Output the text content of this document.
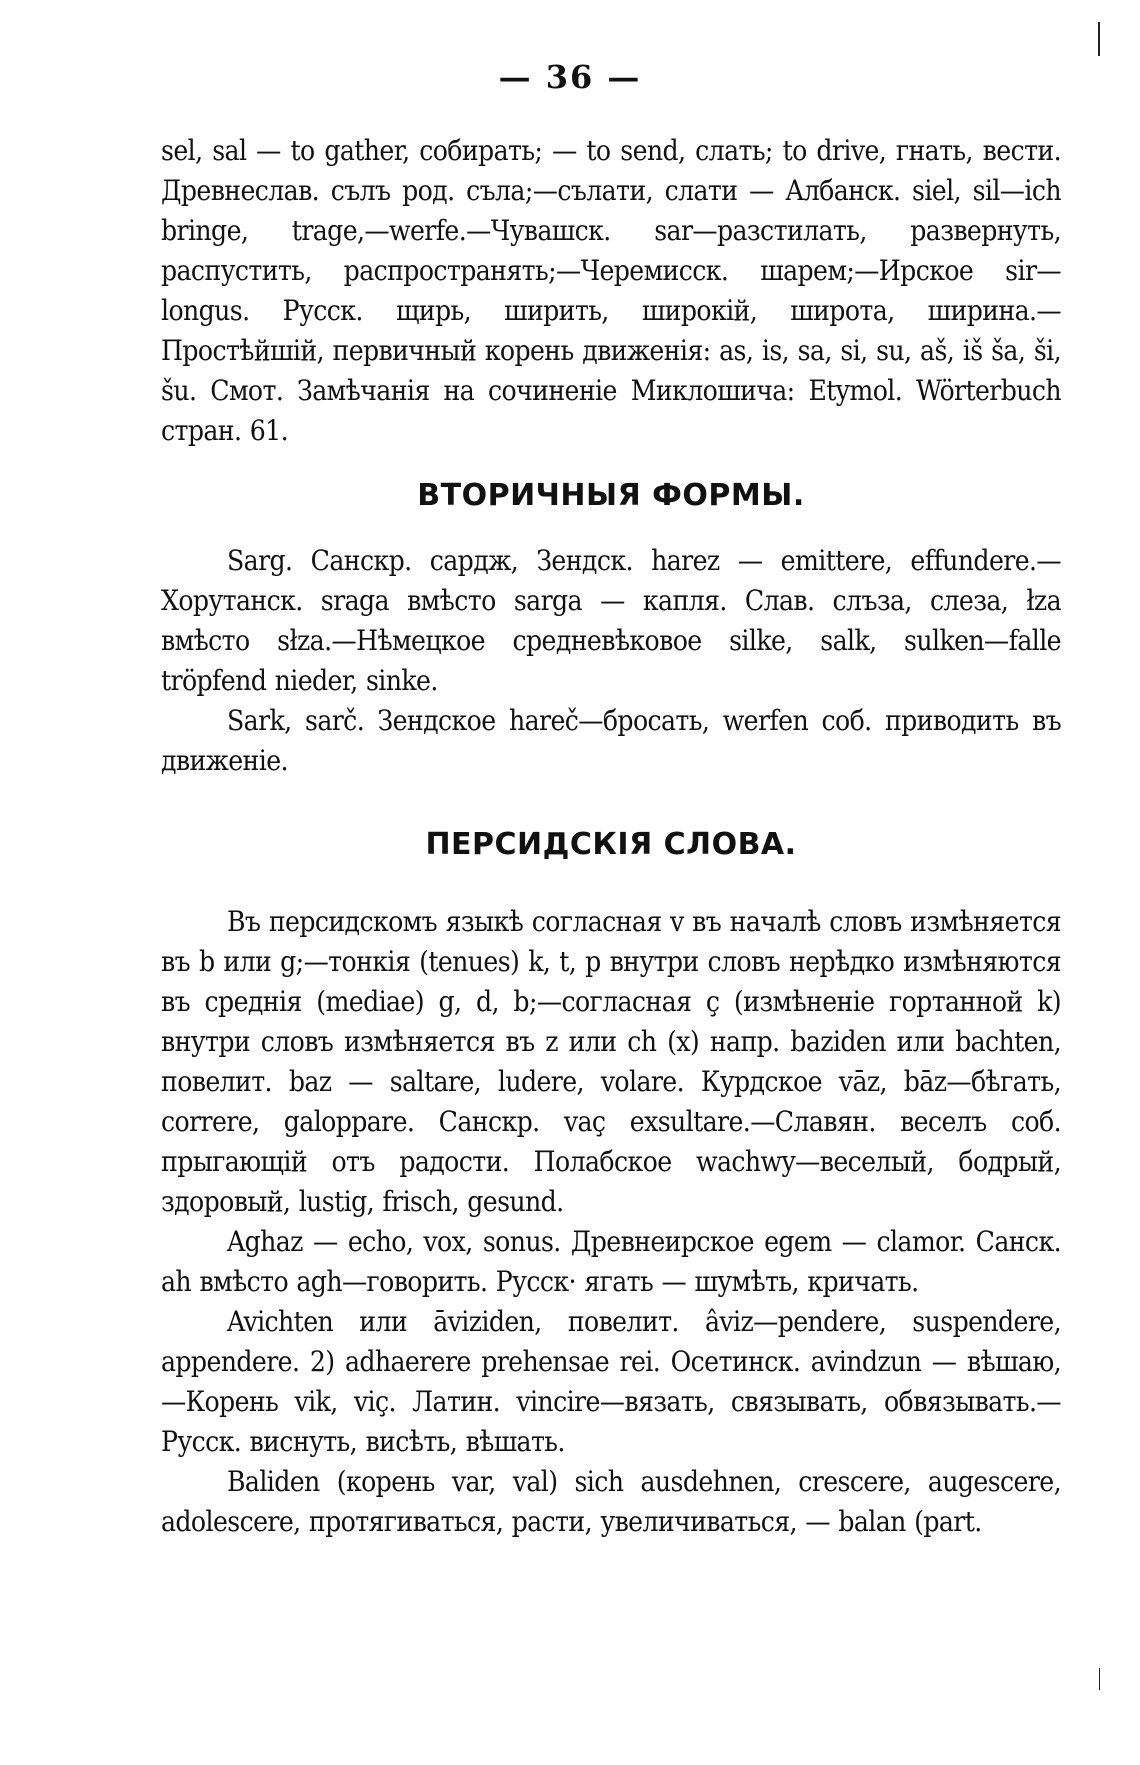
— 36 —

sel, sal — to gather, собирать; — to send, слать; to drive, гнать, вести. Древнеслав. сълъ род. съла;—сълати, слати — Албанск. siel, sil—ich bringe, trage,—werfe.—Чувашск. sar—разстилать, развернуть, распустить, распространять;—Черемисск. шарем;—Ирское sir—longus. Русск. щирь, ширить, широкій, широта, ширина.—Простѣйшій, первичный корень движенія: as, is, sa, si, su, aš, iš ša, ši, šu. Смот. Замѣчанія на сочиненіе Миклошича: Etymol. Wörterbuch стран. 61.

ВТОРИЧНЫЯ ФОРМЫ.

Sarg. Санскр. сардж, Зендск. harez — emittere, effundere.— Хорутанск. sraga вмѣсто sarga — капля. Слав. слъза, слеза, łza вмѣсто słza.—Нѣмецкое средневѣковое silke, salk, sulken—falle tröpfend nieder, sinke.

Sark, sarč. Зендское hareč—бросать, werfen соб. приводить въ движеніе.

ПЕРСИДСКІЯ СЛОВА.

Въ персидскомъ языкѣ согласная v въ началѣ словъ измѣняется въ b или g;—тонкія (tenues) k, t, p внутри словъ нерѣдко измѣняются въ среднія (mediae) g, d, b;—согласная ç (измѣненіе гортанной k) внутри словъ измѣняется въ z или ch (x) напр. baziden или bachten, повелит. baz — saltare, ludere, volare. Курдское vāz, bāz—бѣгать, correre, galoppare. Санскр. vaç exsultare.—Славян. веселъ соб. прыгающій отъ радости. Полабское wachwy—веселый, бодрый, здоровый, lustig, frisch, gesund.

Aghaz — echo, vox, sonus. Древнеирское egem — clamor. Санск. ah вмѣсто agh—говорить. Русск· ягать — шумѣть, кричать.

Avichten или āviziden, повелит. âviz—pendere, suspendere, appendere. 2) adhaerere prehensae rei. Осетинск. avindzun — вѣшаю,—Корень vik, viç. Латин. vincire—вязать, связывать, обвязывать.—Русск. виснуть, висѣть, вѣшать.

Baliden (корень var, val) sich ausdehnen, crescere, augescere, adolescere, протягиваться, расти, увеличиваться, — balan (part.
